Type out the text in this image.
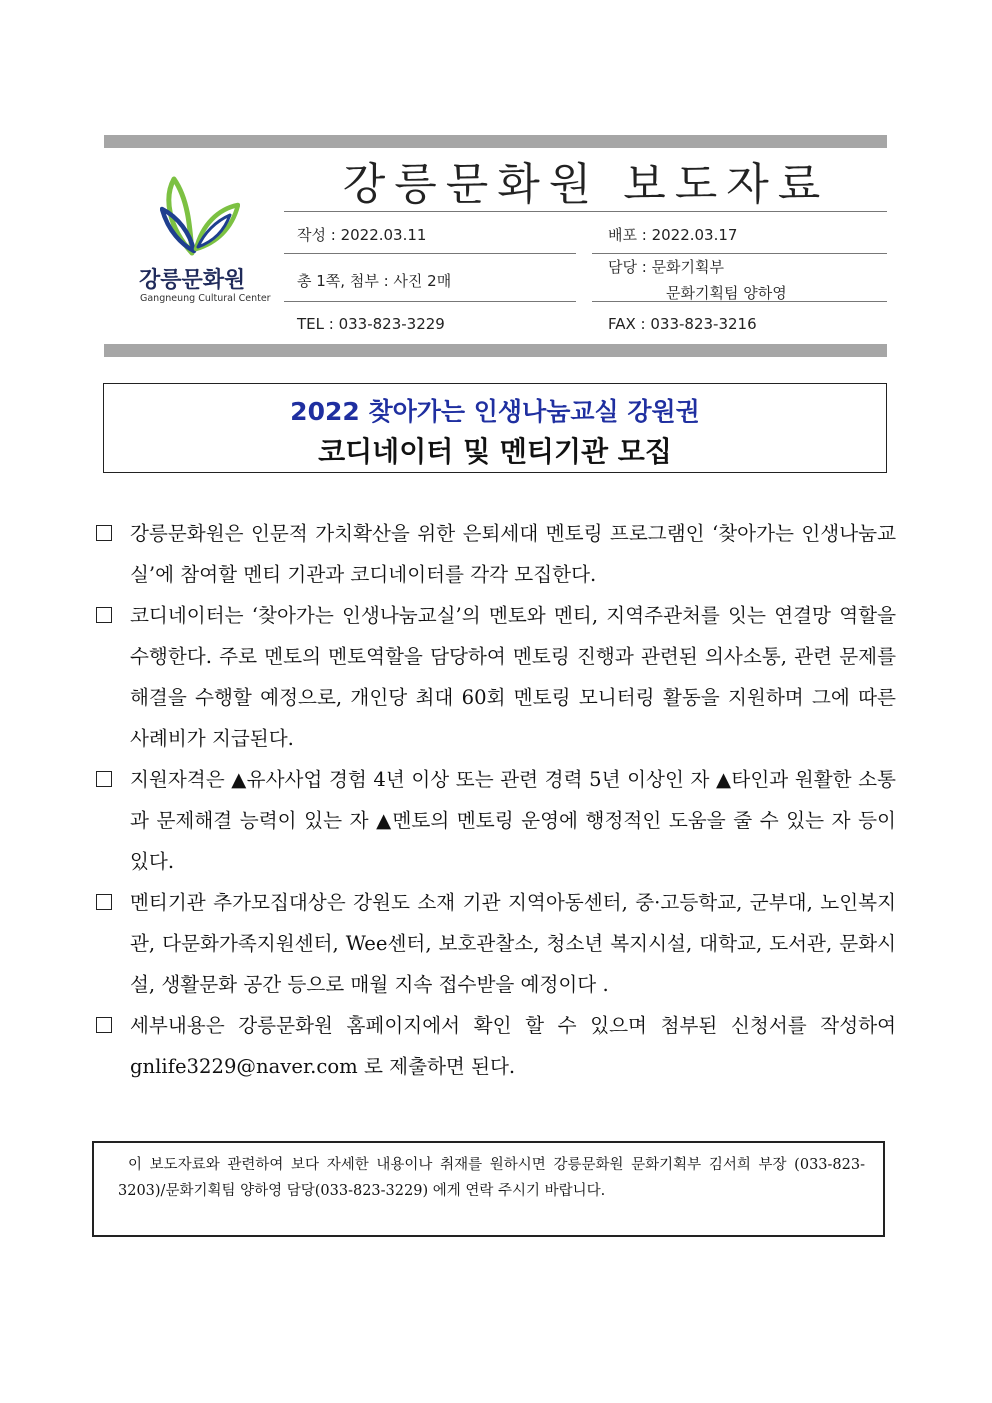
강릉문화원
Gangneung Cultural Center
강릉문화원 보도자료
작성 : 2022.03.11	배포 : 2022.03.17
총 1쪽, 첨부 : 사진 2매
담당 : 문화기획부
문화기획팀 양하영
TEL : 033-823-3229	FAX : 033-823-3216
2022 찾아가는 인생나눔교실 강원권
코디네이터 및 멘티기관 모집
강릉문화원은 인문적 가치확산을 위한 은퇴세대 멘토링 프로그램인 ‘찾아가는 인생나눔교실’에 참여할 멘티 기관과 코디네이터를 각각 모집한다.
코디네이터는 ‘찾아가는 인생나눔교실’의 멘토와 멘티, 지역주관처를 잇는 연결망 역할을 수행한다. 주로 멘토의 멘토역할을 담당하여 멘토링 진행과 관련된 의사소통, 관련 문제를 해결을 수행할 예정으로, 개인당 최대 60회 멘토링 모니터링 활동을 지원하며 그에 따른 사례비가 지급된다.
지원자격은 ▲유사사업 경험 4년 이상 또는 관련 경력 5년 이상인 자 ▲타인과 원활한 소통과 문제해결 능력이 있는 자 ▲멘토의 멘토링 운영에 행정적인 도움을 줄 수 있는 자 등이 있다.
멘티기관 추가모집대상은 강원도 소재 기관 지역아동센터, 중·고등학교, 군부대, 노인복지관, 다문화가족지원센터, Wee센터, 보호관찰소, 청소년 복지시설, 대학교, 도서관, 문화시설, 생활문화 공간 등으로 매월 지속 접수받을 예정이다 .
세부내용은 강릉문화원 홈페이지에서 확인 할 수 있으며 첨부된 신청서를 작성하여 gnlife3229@naver.com 로 제출하면 된다.
이 보도자료와 관련하여 보다 자세한 내용이나 취재를 원하시면 강릉문화원 문화기획부 김서희 부장 (033-823-3203)/문화기획팀 양하영 담당(033-823-3229) 에게 연락 주시기 바랍니다.
